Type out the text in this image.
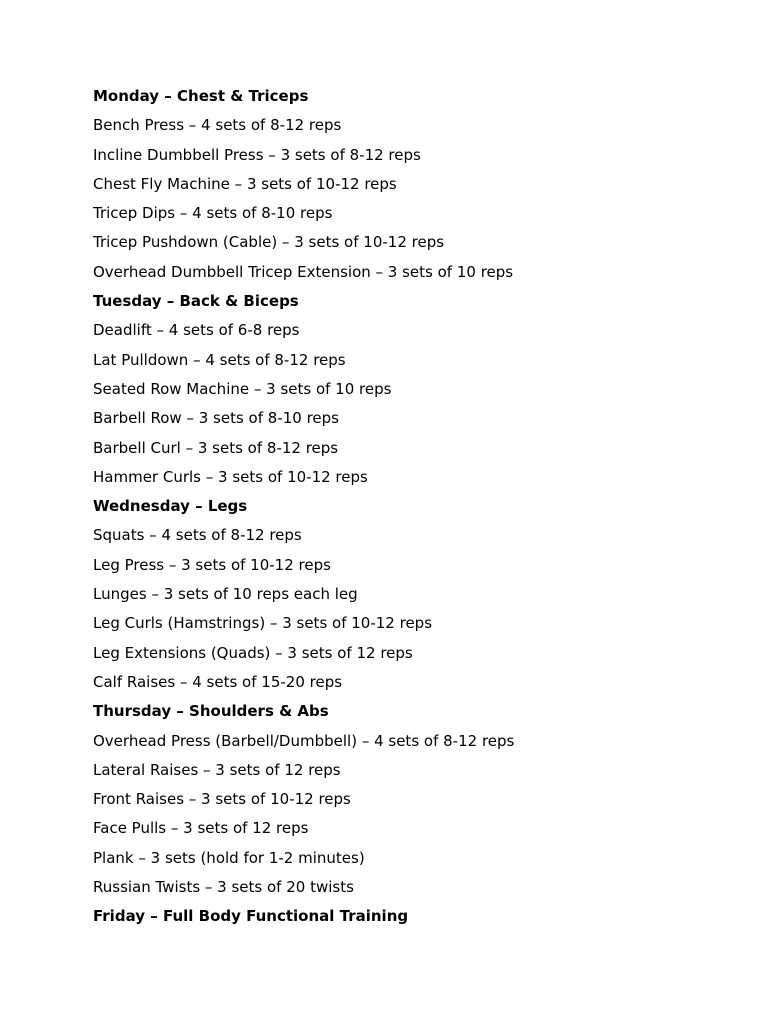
Monday – Chest & Triceps
Bench Press – 4 sets of 8-12 reps
Incline Dumbbell Press – 3 sets of 8-12 reps
Chest Fly Machine – 3 sets of 10-12 reps
Tricep Dips – 4 sets of 8-10 reps
Tricep Pushdown (Cable) – 3 sets of 10-12 reps
Overhead Dumbbell Tricep Extension – 3 sets of 10 reps
Tuesday – Back & Biceps
Deadlift – 4 sets of 6-8 reps
Lat Pulldown – 4 sets of 8-12 reps
Seated Row Machine – 3 sets of 10 reps
Barbell Row – 3 sets of 8-10 reps
Barbell Curl – 3 sets of 8-12 reps
Hammer Curls – 3 sets of 10-12 reps
Wednesday – Legs
Squats – 4 sets of 8-12 reps
Leg Press – 3 sets of 10-12 reps
Lunges – 3 sets of 10 reps each leg
Leg Curls (Hamstrings) – 3 sets of 10-12 reps
Leg Extensions (Quads) – 3 sets of 12 reps
Calf Raises – 4 sets of 15-20 reps
Thursday – Shoulders & Abs
Overhead Press (Barbell/Dumbbell) – 4 sets of 8-12 reps
Lateral Raises – 3 sets of 12 reps
Front Raises – 3 sets of 10-12 reps
Face Pulls – 3 sets of 12 reps
Plank – 3 sets (hold for 1-2 minutes)
Russian Twists – 3 sets of 20 twists
Friday – Full Body Functional Training
